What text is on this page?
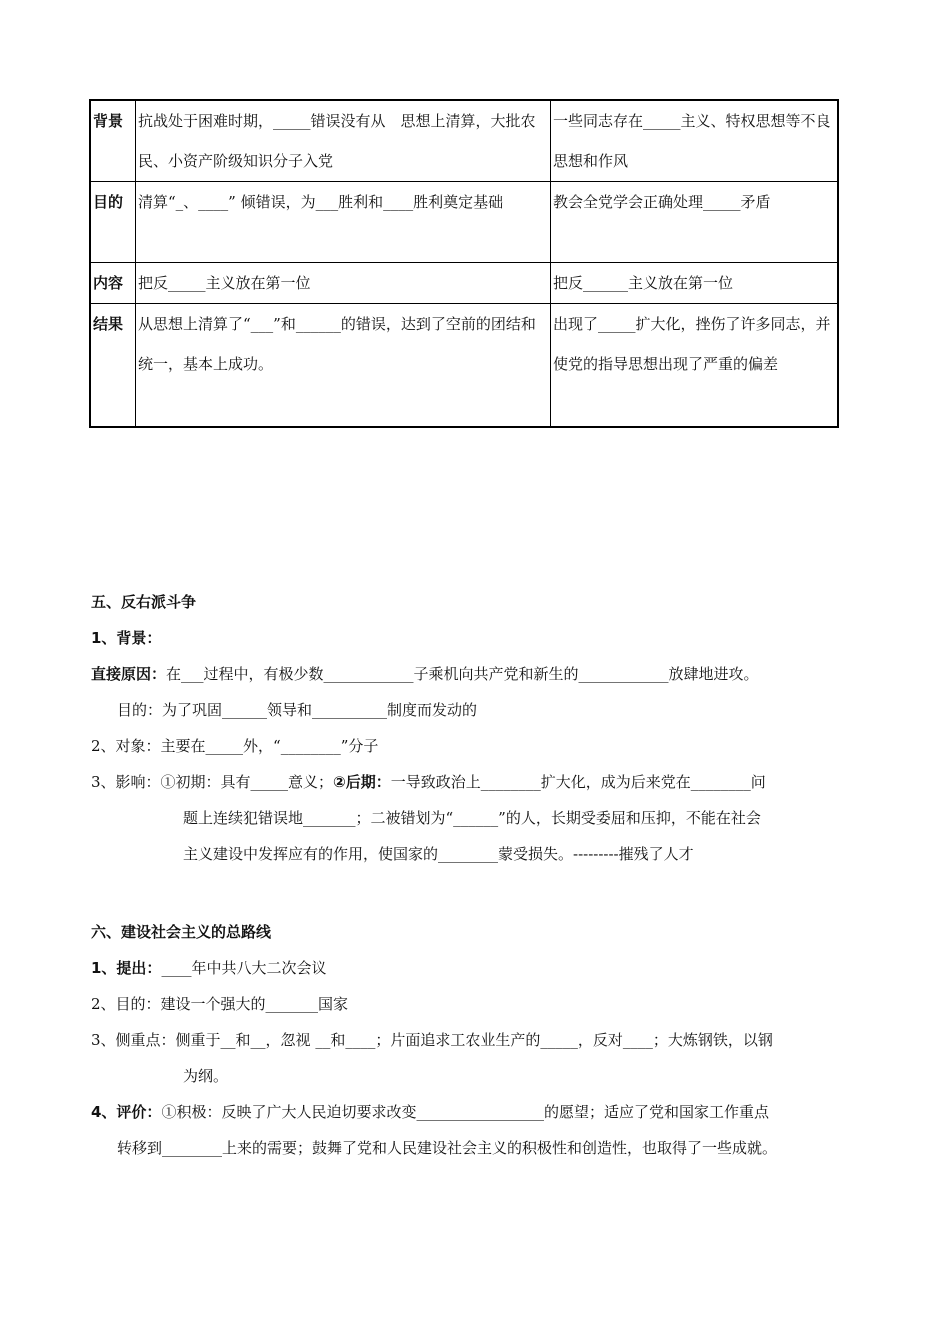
背景	抗战处于困难时期，_____错误没有从　思想上清算，大批农民、小资产阶级知识分子入党	一些同志存在_____主义、特权思想等不良思想和作风
目的	清算“_、____” 倾错误，为___胜利和____胜利奠定基础	教会全党学会正确处理_____矛盾
内容	把反_____主义放在第一位	把反______主义放在第一位
结果	从思想上清算了“___”和______的错误，达到了空前的团结和统一，基本上成功。	出现了_____扩大化，挫伤了许多同志，并使党的指导思想出现了严重的偏差
五、反右派斗争
1、背景：
直接原因：在___过程中，有极少数____________子乘机向共产党和新生的____________放肆地进攻。
目的：为了巩固______领导和__________制度而发动的
2、对象：主要在_____外，“________”分子
3、影响：①初期：具有_____意义；②后期：一导致政治上________扩大化，成为后来党在________问
题上连续犯错误地_______；二被错划为“______”的人，长期受委屈和压抑，不能在社会
主义建设中发挥应有的作用，使国家的________蒙受损失。---------摧残了人才
六、建设社会主义的总路线
1、提出：____年中共八大二次会议
2、目的：建设一个强大的_______国家
3、侧重点：侧重于__和__，忽视 __和____；片面追求工农业生产的_____，反对____；大炼钢铁，以钢
为纲。
4、评价：①积极：反映了广大人民迫切要求改变_________________的愿望；适应了党和国家工作重点
转移到________上来的需要；鼓舞了党和人民建设社会主义的积极性和创造性，也取得了一些成就。
